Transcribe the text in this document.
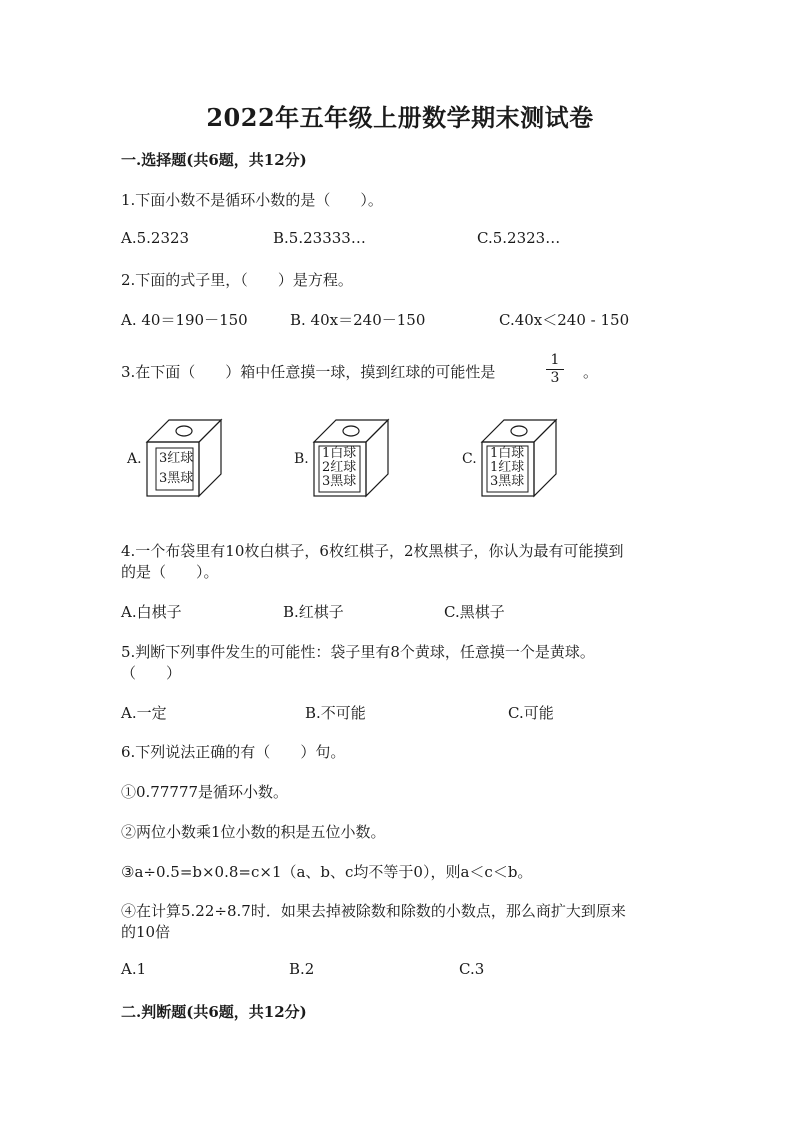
2022年五年级上册数学期末测试卷
一.选择题(共6题，共12分)
1.下面小数不是循环小数的是（　　）。
A.5.2323	B.5.23333…	C.5.2323…
2.下面的式子里，（　　）是方程。
A. 40＝190－150	B. 40x＝240－150	C.40x＜240 - 150
3.在下面（　　）箱中任意摸一球，摸到红球的可能性是
1
3	。
A. 3红球
3黑球
B. 1白球
2红球
3黑球
C. 1白球
1红球
3黑球
4.一个布袋里有10枚白棋子，6枚红棋子，2枚黑棋子，你认为最有可能摸到
的是（　　）。
A.白棋子	B.红棋子	C.黑棋子
5.判断下列事件发生的可能性：袋子里有8个黄球，任意摸一个是黄球。
（　　）
A.一定	B.不可能	C.可能
6.下列说法正确的有（　　）句。
①0.77777是循环小数。
②两位小数乘1位小数的积是五位小数。
③a÷0.5=b×0.8=c×1（a、b、c均不等于0），则a＜c＜b。
④在计算5.22÷8.7时．如果去掉被除数和除数的小数点，那么商扩大到原来
的10倍
A.1	B.2	C.3
二.判断题(共6题，共12分)
